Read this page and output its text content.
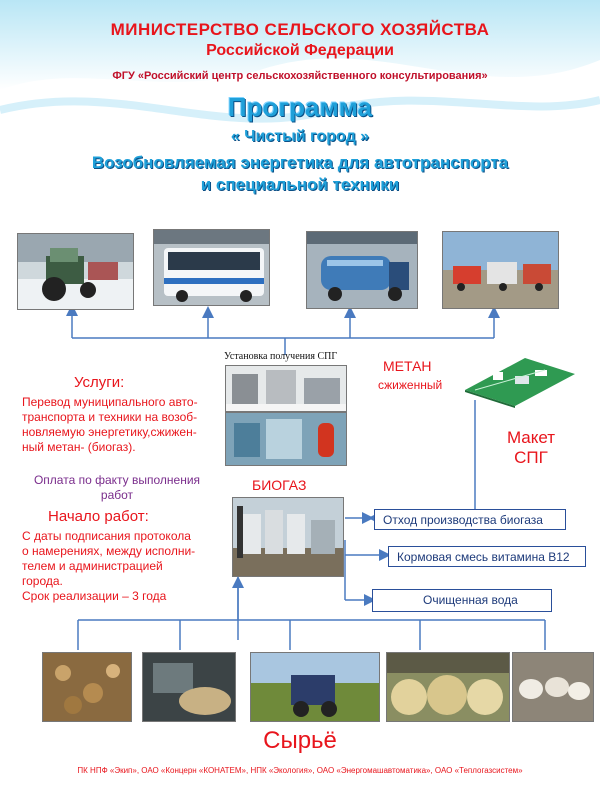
МИНИСТЕРСТВО СЕЛЬСКОГО ХОЗЯЙСТВА
Российской Федерации
ФГУ «Российский центр сельскохозяйственного консультирования»
Программа
« Чистый город »
Возобновляемая энергетика для автотранспорта
и специальной техники
Установка получения СПГ
МЕТАН
сжиженный
Макет
СПГ
Услуги:
Перевод муниципального авто-
транспорта и техники на возоб-
новляемую энергетику,сжижен-
ный метан- (биогаз).
Оплата по факту выполнения
работ
Начало работ:
С даты подписания протокола
о намерениях, между исполни-
телем и администрацией
города.
Срок реализации – 3 года
БИОГАЗ
Отход производства биогаза
Кормовая смесь витамина В12
Очищенная вода
Сырьё
ПК НПФ «Экип», ОАО «Концерн «КОНАТЕМ», НПК «Экология», ОАО «Энергомашавтоматика», ОАО «Теплогазсистем»
